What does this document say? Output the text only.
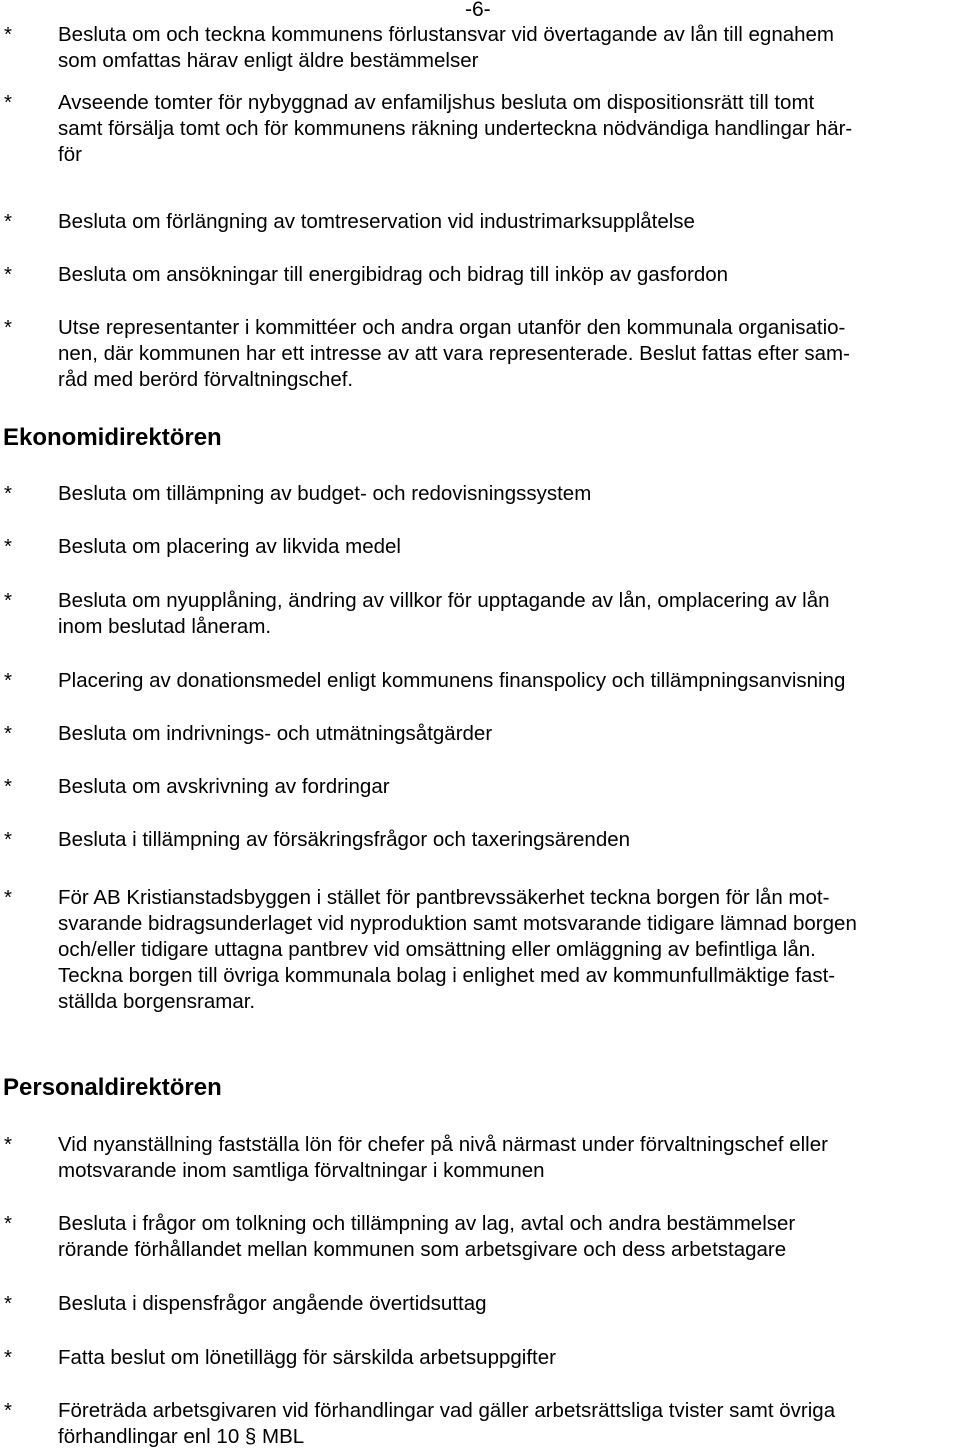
-6-
*	Besluta om och teckna kommunens förlustansvar vid övertagande av lån till egnahem
som omfattas härav enligt äldre bestämmelser
*	Avseende tomter för nybyggnad av enfamiljshus besluta om dispositionsrätt till tomt
samt försälja tomt och för kommunens räkning underteckna nödvändiga handlingar här-
för
*	Besluta om förlängning av tomtreservation vid industrimarksupplåtelse
*	Besluta om ansökningar till energibidrag och bidrag till inköp av gasfordon
*	Utse representanter i kommittéer och andra organ utanför den kommunala organisatio-
nen, där kommunen har ett intresse av att vara representerade. Beslut fattas efter sam-
råd med berörd förvaltningschef.
Ekonomidirektören
*	Besluta om tillämpning av budget- och redovisningssystem
*	Besluta om placering av likvida medel
*	Besluta om nyupplåning, ändring av villkor för upptagande av lån, omplacering av lån
inom beslutad låneram.
*	Placering av donationsmedel enligt kommunens finanspolicy och tillämpningsanvisning
*	Besluta om indrivnings- och utmätningsåtgärder
*	Besluta om avskrivning av fordringar
*	Besluta i tillämpning av försäkringsfrågor och taxeringsärenden
*	För AB Kristianstadsbyggen i stället för pantbrevssäkerhet teckna borgen för lån mot-
svarande bidragsunderlaget vid nyproduktion samt motsvarande tidigare lämnad borgen
och/eller tidigare uttagna pantbrev vid omsättning eller omläggning av befintliga lån.
Teckna borgen till övriga kommunala bolag i enlighet med av kommunfullmäktige fast-
ställda borgensramar.
Personaldirektören
*	Vid nyanställning fastställa lön för chefer på nivå närmast under förvaltningschef eller
motsvarande inom samtliga förvaltningar i kommunen
*	Besluta i frågor om tolkning och tillämpning av lag, avtal och andra bestämmelser
rörande förhållandet mellan kommunen som arbetsgivare och dess arbetstagare
*	Besluta i dispensfrågor angående övertidsuttag
*	Fatta beslut om lönetillägg för särskilda arbetsuppgifter
*	Företräda arbetsgivaren vid förhandlingar vad gäller arbetsrättsliga tvister samt övriga
förhandlingar enl 10 § MBL
